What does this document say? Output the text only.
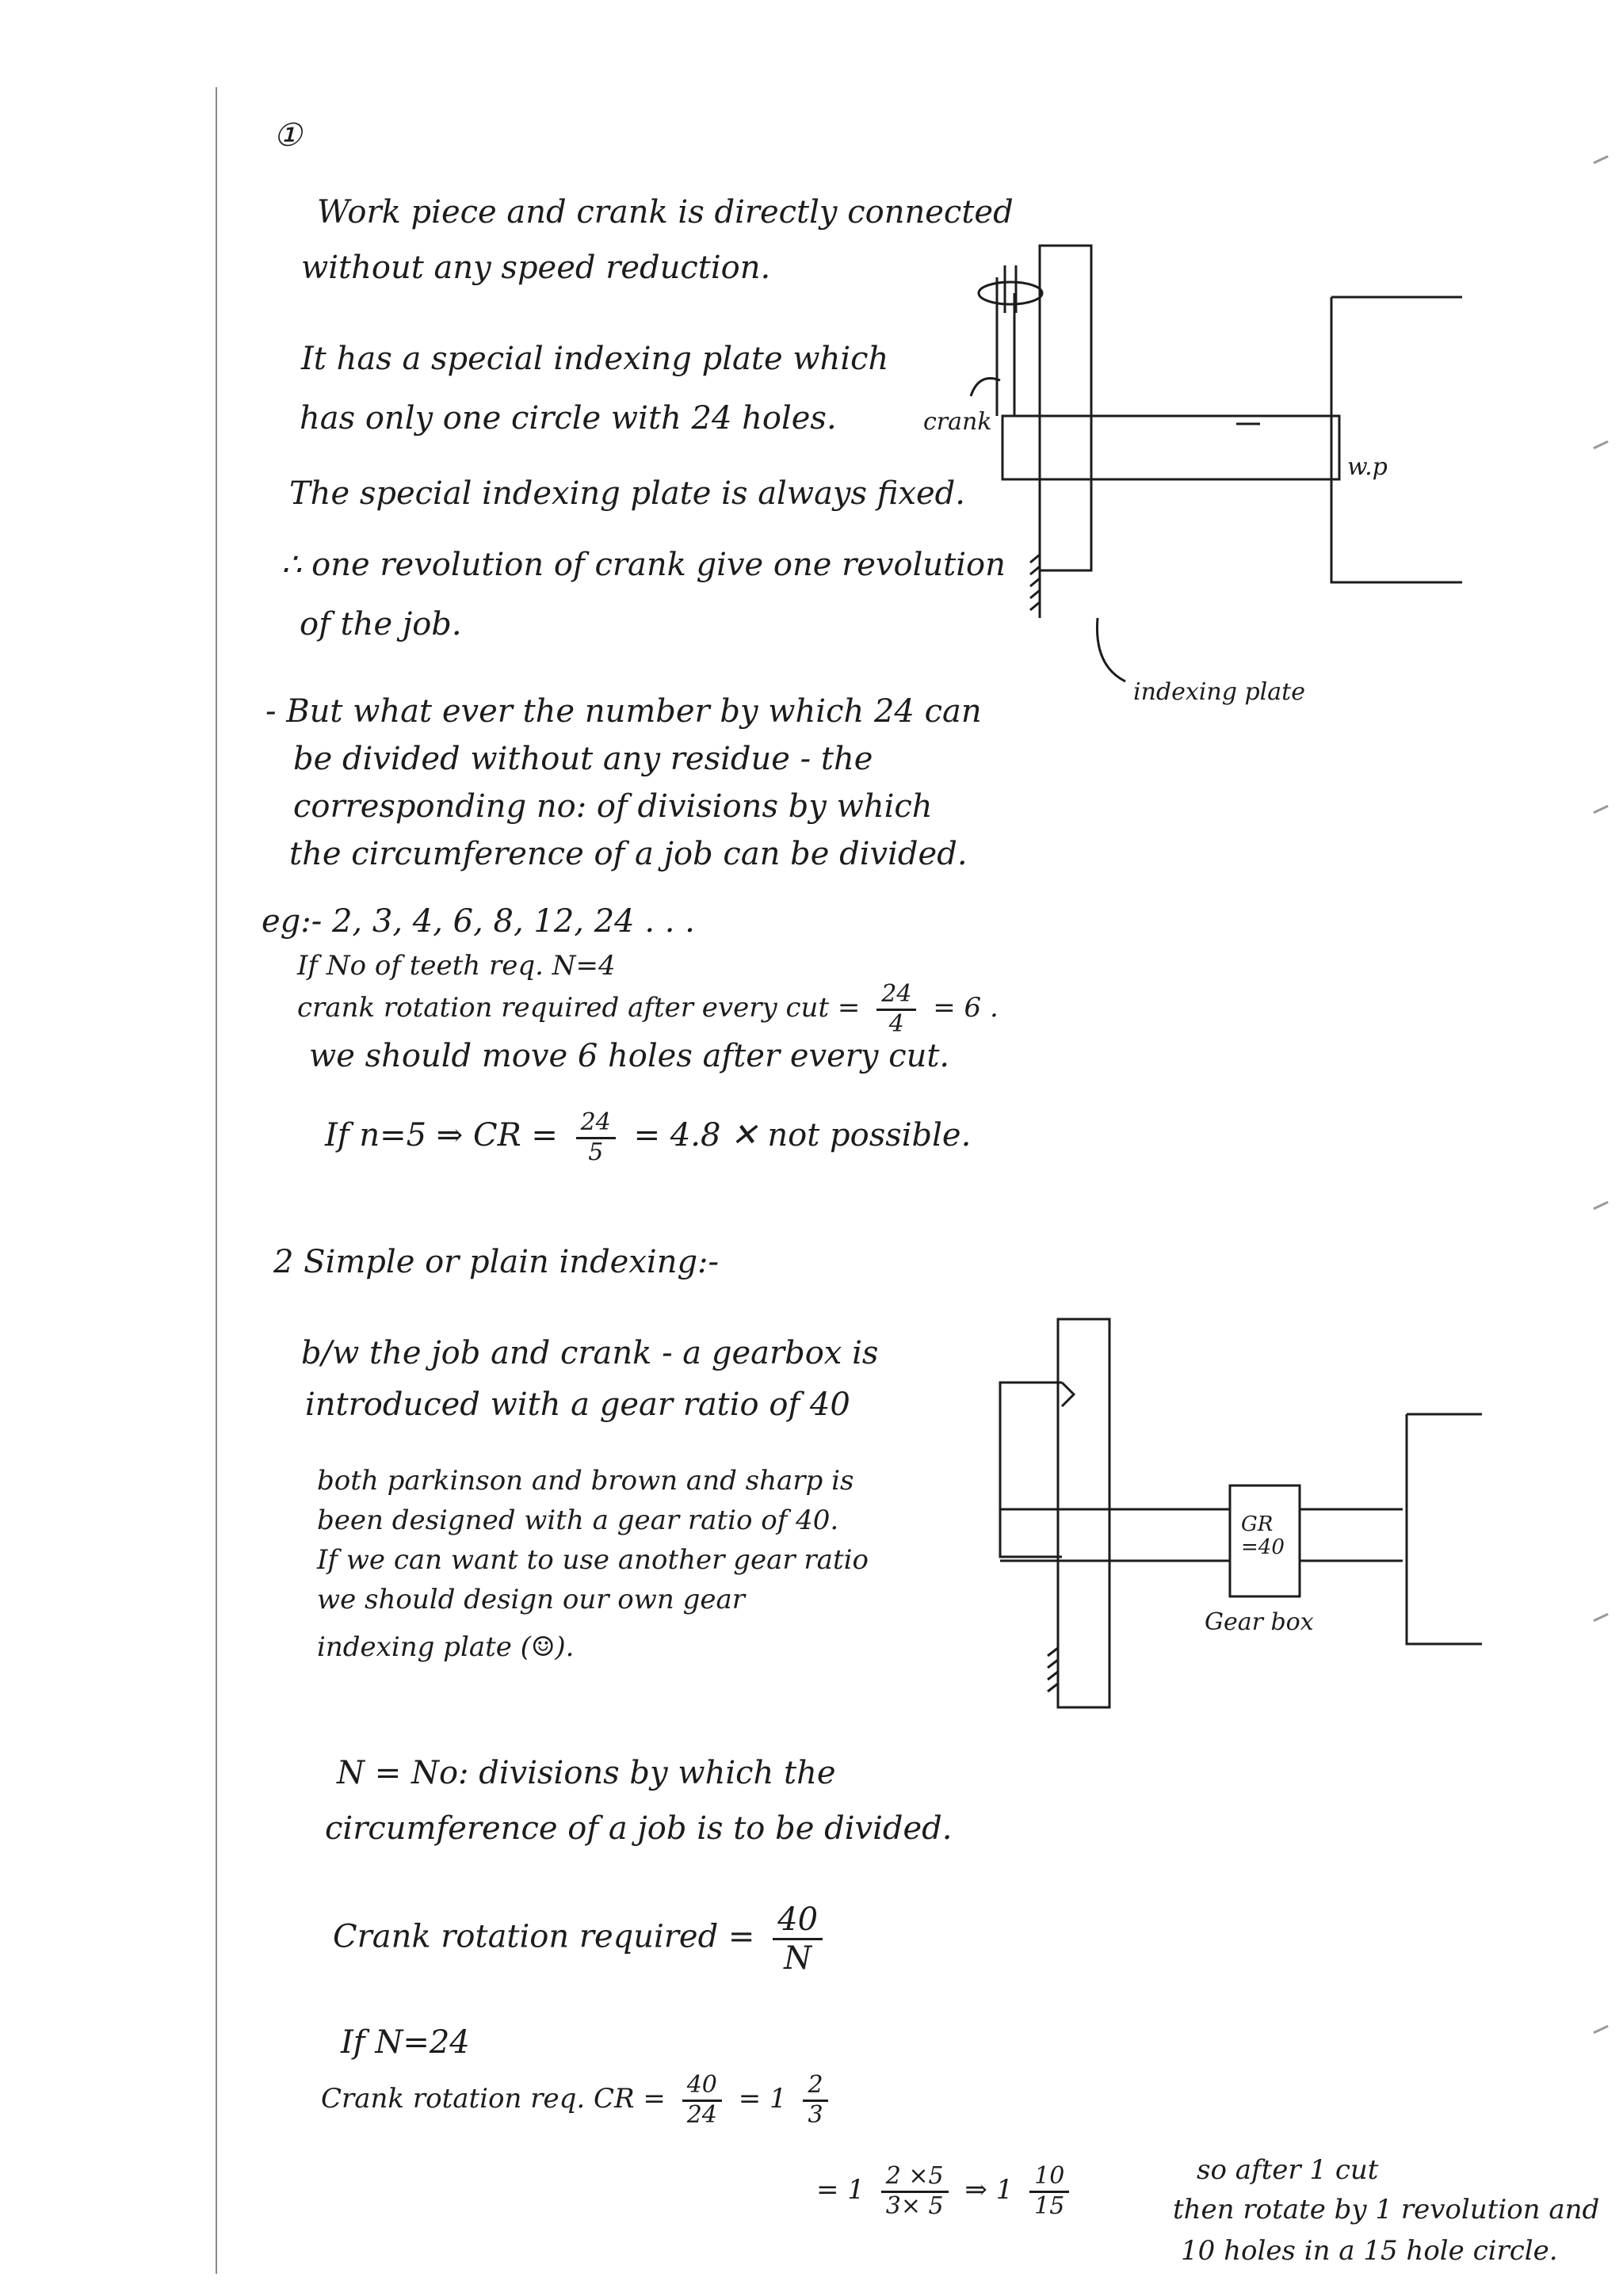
①
Work piece and crank is directly connected
without any speed reduction.
It has a special indexing plate which
has only one circle with 24 holes.
The special indexing plate is always fixed.
∴ one revolution of crank give one revolution
of the job.
- But what ever the number by which 24 can
be divided without any residue - the
corresponding no: of divisions by which
the circumference of a job can be divided.
eg:- 2, 3, 4, 6, 8, 12, 24 . . .
If No of teeth req. N=4
crank rotation required after every cut = $\frac{24}{4} = 6$ .
we should move 6 holes after every cut.
If n=5 ⇒ CR = $\frac{24}{5} = 4.8$ ✕ not possible.
crank
w.p
indexing plate
2 Simple or plain indexing:-
b/w the job and crank - a gearbox is
introduced with a gear ratio of 40
both parkinson and brown and sharp is
been designed with a gear ratio of 40.
If we can want to use another gear ratio
we should design our own gear
indexing plate (☺).
N = No: divisions by which the
circumference of a job is to be divided.
Crank rotation required = $\frac{40}{N}$
If N=24
Crank rotation req. CR = $\frac{40}{24} = 1 \frac{2}{3}$
= $1 \frac{2 \times 5}{3\times 5}$ ⇒ $1 \frac{10}{15}$	so after 1 cut
then rotate by 1 revolution and
10 holes in a 15 hole circle.
GR
=40
Gear box
